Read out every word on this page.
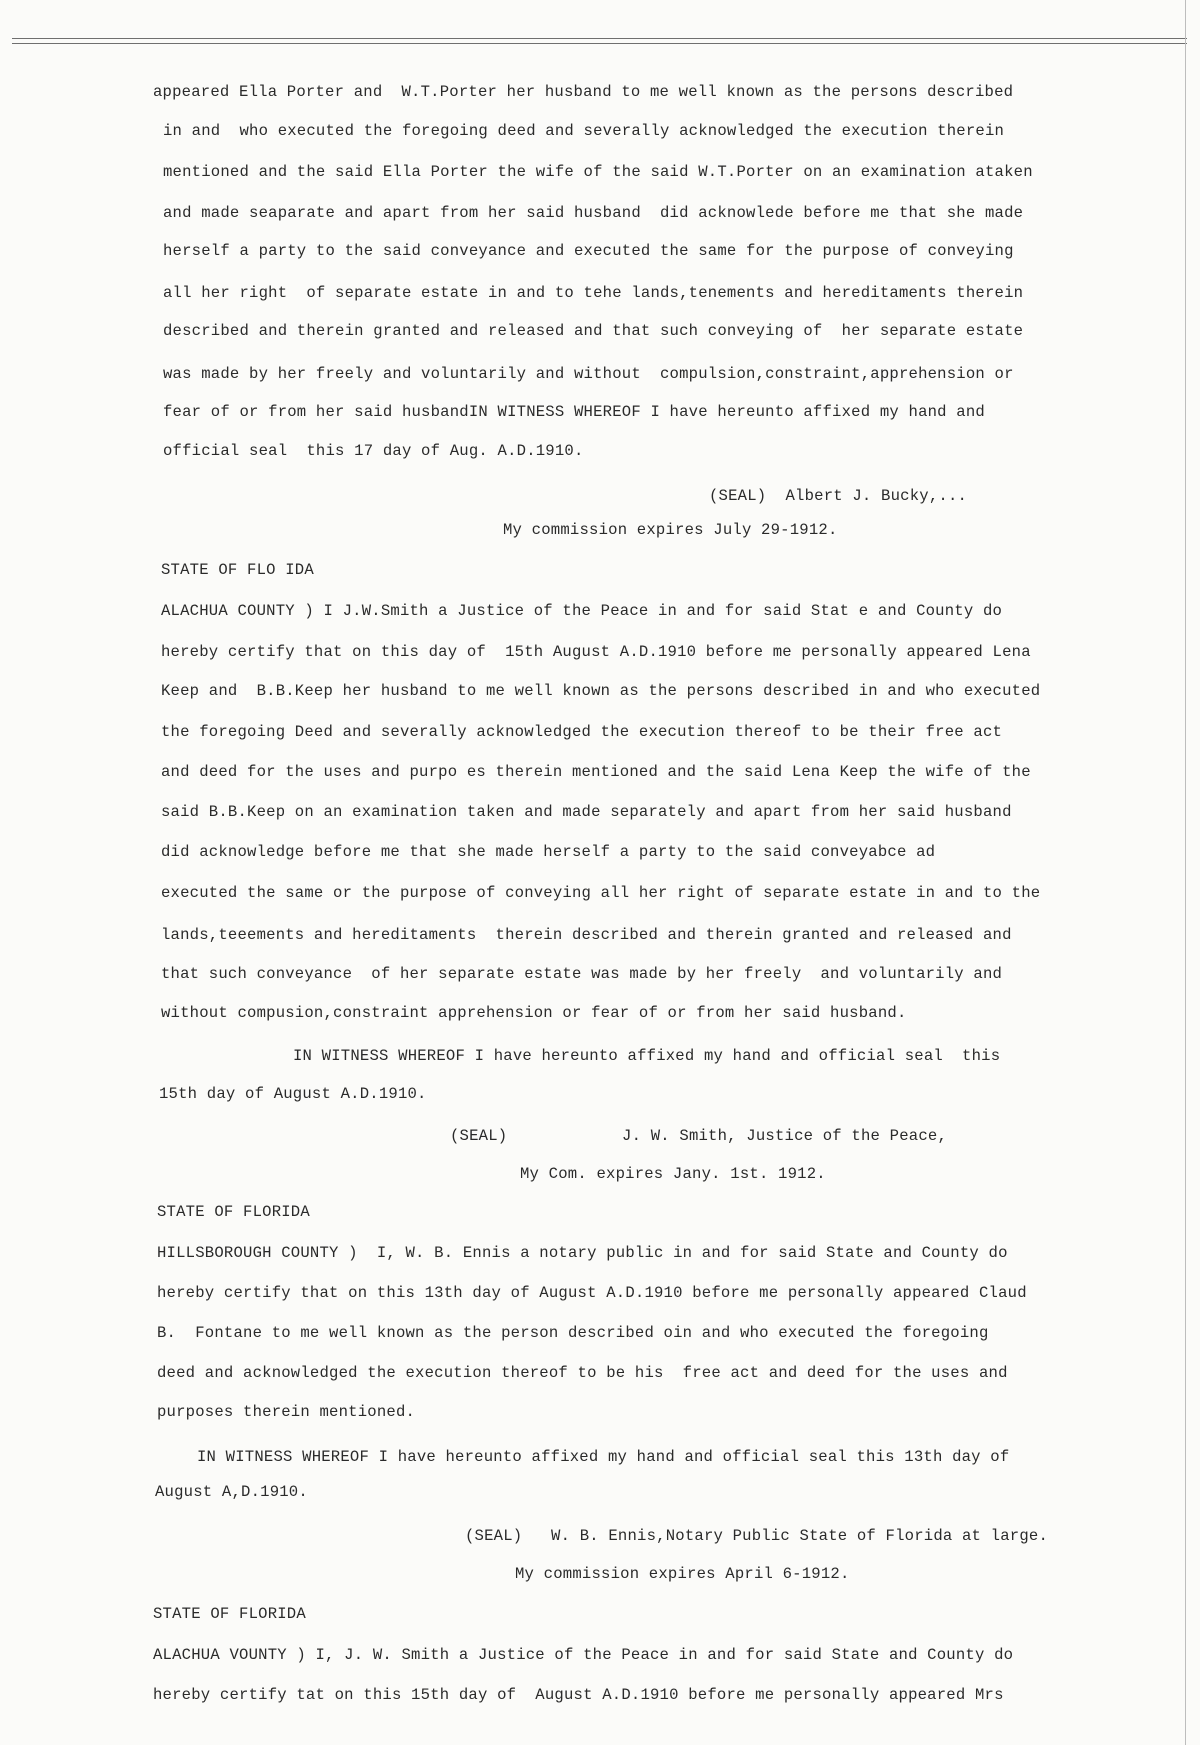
appeared Ella Porter and  W.T.Porter her husband to me well known as the persons described
in and  who executed the foregoing deed and severally acknowledged the execution therein
mentioned and the said Ella Porter the wife of the said W.T.Porter on an examination ataken
and made seaparate and apart from her said husband  did acknowlede before me that she made
herself a party to the said conveyance and executed the same for the purpose of conveying
all her right  of separate estate in and to tehe lands,tenements and hereditaments therein
described and therein granted and released and that such conveying of  her separate estate
was made by her freely and voluntarily and without  compulsion,constraint,apprehension or
fear of or from her said husbandIN WITNESS WHEREOF I have hereunto affixed my hand and
official seal  this 17 day of Aug. A.D.1910.
(SEAL)  Albert J. Bucky,...
My commission expires July 29-1912.
STATE OF FLO IDA
ALACHUA COUNTY ) I J.W.Smith a Justice of the Peace in and for said Stat e and County do
hereby certify that on this day of  15th August A.D.1910 before me personally appeared Lena
Keep and  B.B.Keep her husband to me well known as the persons described in and who executed
the foregoing Deed and severally acknowledged the execution thereof to be their free act
and deed for the uses and purpo es therein mentioned and the said Lena Keep the wife of the
said B.B.Keep on an examination taken and made separately and apart from her said husband
did acknowledge before me that she made herself a party to the said conveyabce ad
executed the same or the purpose of conveying all her right of separate estate in and to the
lands,teeements and hereditaments  therein described and therein granted and released and
that such conveyance  of her separate estate was made by her freely  and voluntarily and
without compusion,constraint apprehension or fear of or from her said husband.
IN WITNESS WHEREOF I have hereunto affixed my hand and official seal  this
15th day of August A.D.1910.
(SEAL)            J. W. Smith, Justice of the Peace,
My Com. expires Jany. 1st. 1912.
STATE OF FLORIDA
HILLSBOROUGH COUNTY )  I, W. B. Ennis a notary public in and for said State and County do
hereby certify that on this 13th day of August A.D.1910 before me personally appeared Claud
B.  Fontane to me well known as the person described oin and who executed the foregoing
deed and acknowledged the execution thereof to be his  free act and deed for the uses and
purposes therein mentioned.
IN WITNESS WHEREOF I have hereunto affixed my hand and official seal this 13th day of
August A,D.1910.
(SEAL)   W. B. Ennis,Notary Public State of Florida at large.
My commission expires April 6-1912.
STATE OF FLORIDA
ALACHUA VOUNTY ) I, J. W. Smith a Justice of the Peace in and for said State and County do
hereby certify tat on this 15th day of  August A.D.1910 before me personally appeared Mrs
